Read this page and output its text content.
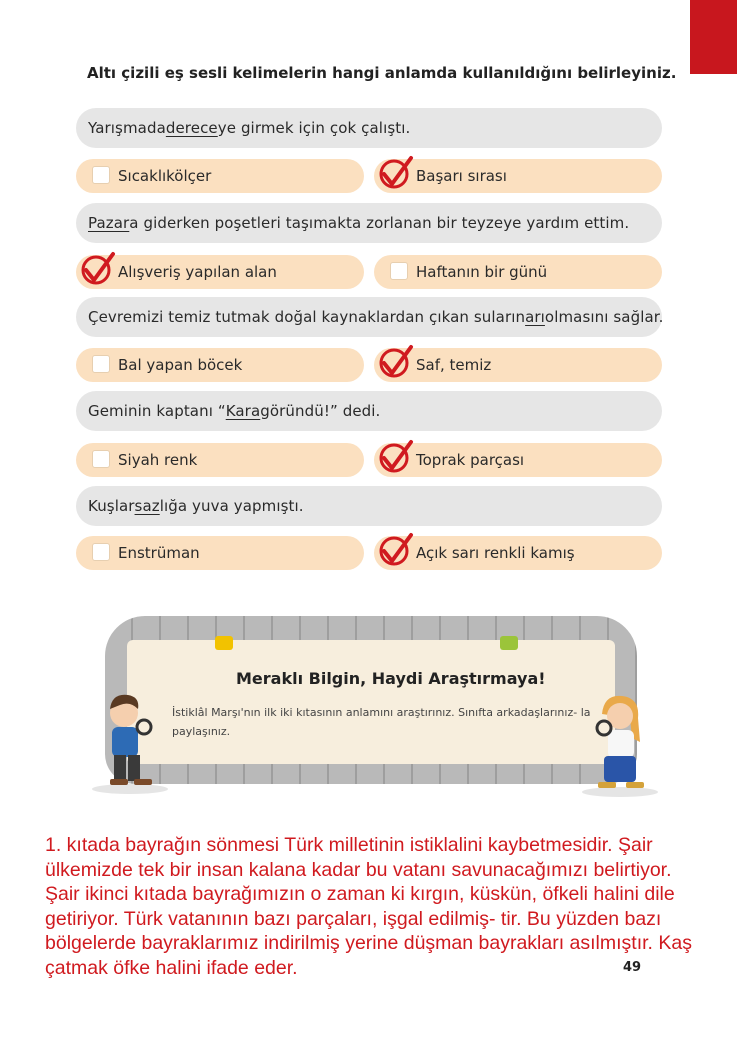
Altı çizili eş sesli kelimelerin hangi anlamda kullanıldığını belirleyiniz.
Yarışmada derece ye girmek için çok çalıştı.
Sıcaklıkölçer	Başarı sırası
Pazar a giderken poşetleri taşımakta zorlanan bir teyzeye yardım ettim.
Alışveriş yapılan alan	Haftanın bir günü
Çevremizi temiz tutmak doğal kaynaklardan çıkan suların arı olmasını sağlar.
Bal yapan böcek	Saf, temiz
Geminin kaptanı “ Kara göründü!” dedi.
Siyah renk	Toprak parçası
Kuşlar saz lığa yuva yapmıştı.
Enstrüman	Açık sarı renkli kamış
Meraklı Bilgin, Haydi Araştırmaya!
İstiklâl Marşı'nın ilk iki kıtasının anlamını araştırınız. Sınıfta arkadaşlarınız- la paylaşınız.
1. kıtada bayrağın sönmesi Türk milletinin istiklalini kaybetmesidir. Şair ülkemizde tek bir insan kalana kadar bu vatanı savunacağımızı belirtiyor. Şair ikinci kıtada bayrağımızın o zaman ki kırgın, küskün, öfkeli halini dile getiriyor. Türk vatanının bazı parçaları, işgal edilmiş- tir. Bu yüzden bazı bölgelerde bayraklarımız indirilmiş yerine düşman bayrakları asılmıştır. Kaş çatmak öfke halini ifade eder.	49
